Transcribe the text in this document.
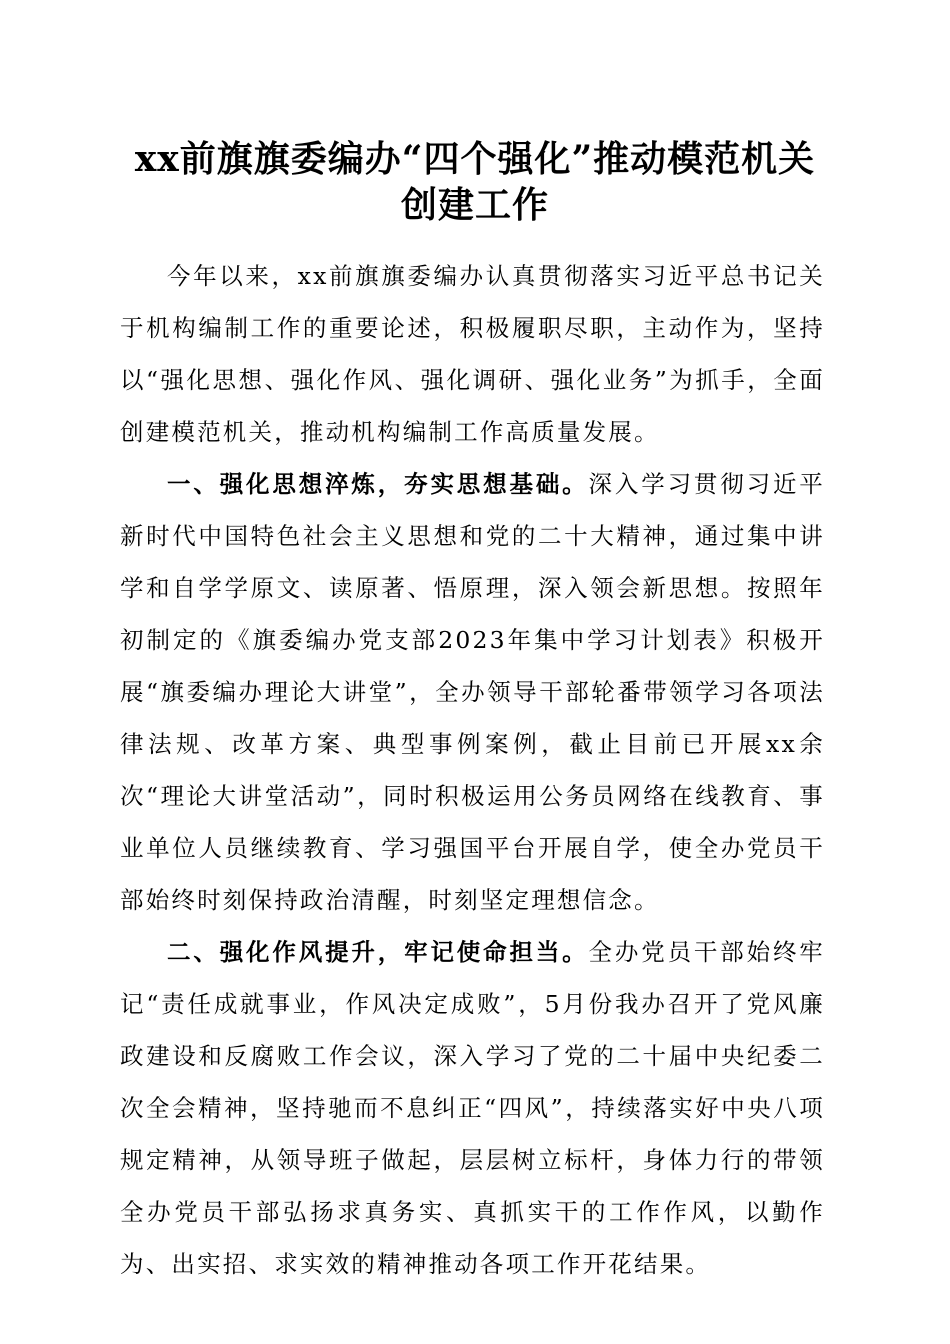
xx前旗旗委编办“四个强化”推动模范机关
创建工作

今年以来，xx前旗旗委编办认真贯彻落实习近平总书记关于机构编制工作的重要论述，积极履职尽职，主动作为，坚持以“强化思想、强化作风、强化调研、强化业务”为抓手，全面创建模范机关，推动机构编制工作高质量发展。

一、强化思想淬炼，夯实思想基础。深入学习贯彻习近平新时代中国特色社会主义思想和党的二十大精神，通过集中讲学和自学学原文、读原著、悟原理，深入领会新思想。按照年初制定的《旗委编办党支部2023年集中学习计划表》积极开展“旗委编办理论大讲堂”，全办领导干部轮番带领学习各项法律法规、改革方案、典型事例案例，截止目前已开展xx余次“理论大讲堂活动”，同时积极运用公务员网络在线教育、事业单位人员继续教育、学习强国平台开展自学，使全办党员干部始终时刻保持政治清醒，时刻坚定理想信念。

二、强化作风提升，牢记使命担当。全办党员干部始终牢记“责任成就事业，作风决定成败”，5月份我办召开了党风廉政建设和反腐败工作会议，深入学习了党的二十届中央纪委二次全会精神，坚持驰而不息纠正“四风”，持续落实好中央八项规定精神，从领导班子做起，层层树立标杆，身体力行的带领全办党员干部弘扬求真务实、真抓实干的工作作风，以勤作为、出实招、求实效的精神推动各项工作开花结果。
